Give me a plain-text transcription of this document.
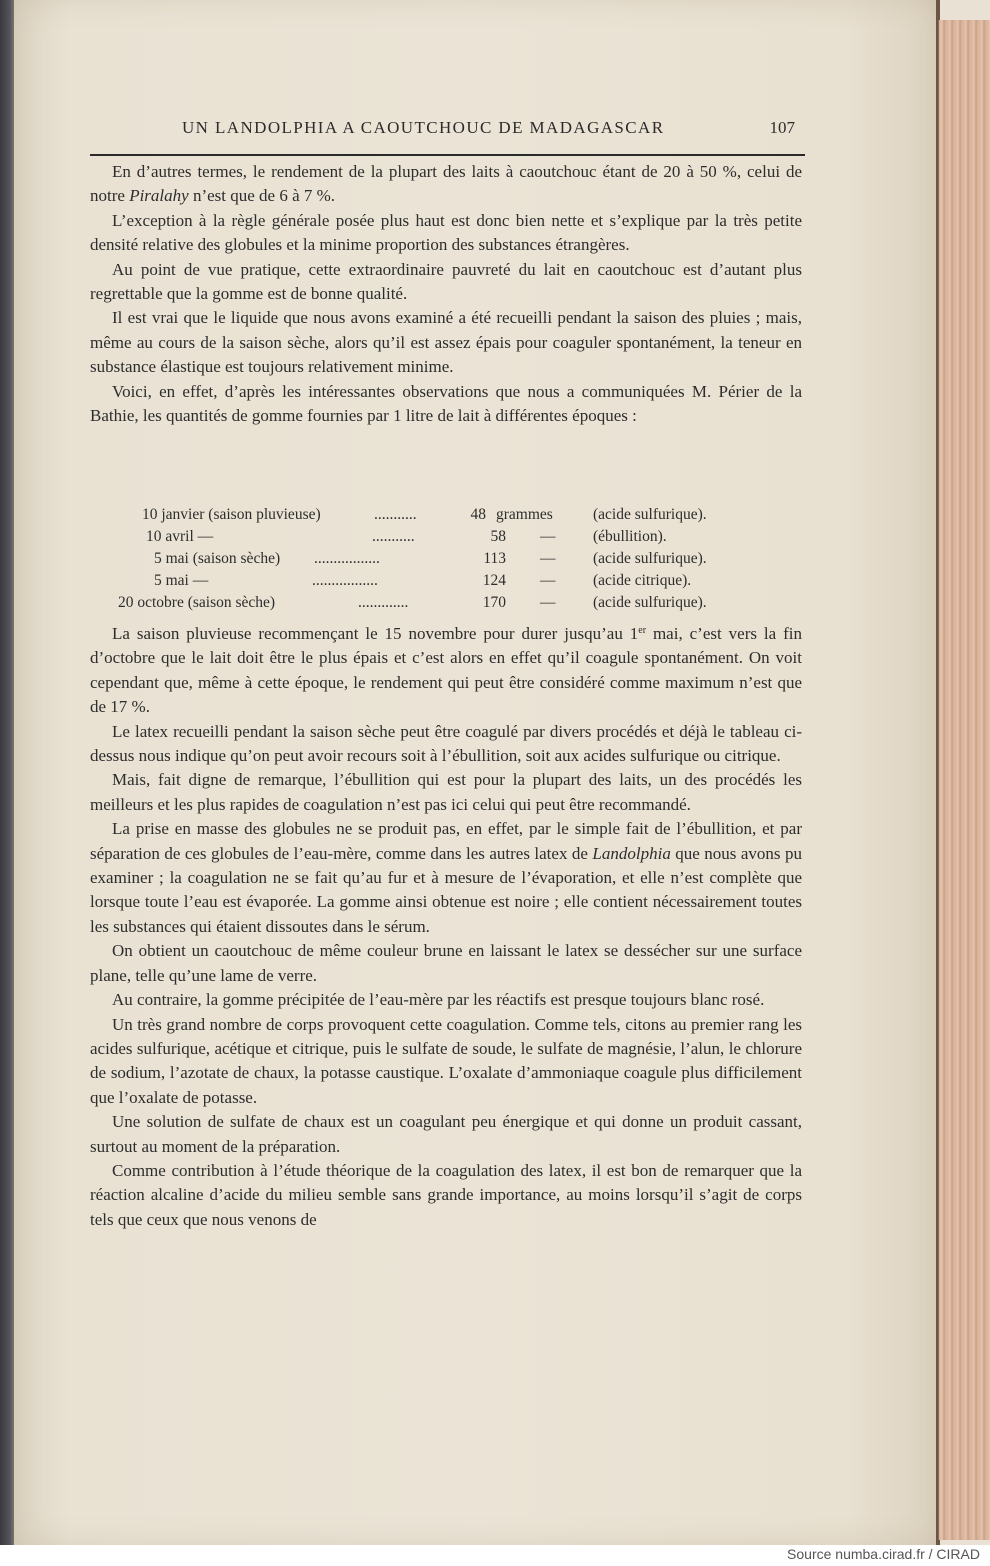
UN LANDOLPHIA A CAOUTCHOUC DE MADAGASCAR	107

En d’autres termes, le rendement de la plupart des laits à caoutchouc étant de 20 à 50 %, celui de notre Piralahy n’est que de 6 à 7 %.

L’exception à la règle générale posée plus haut est donc bien nette et s’explique par la très petite densité relative des globules et la minime proportion des substances étrangères.

Au point de vue pratique, cette extraordinaire pauvreté du lait en caoutchouc est d’autant plus regrettable que la gomme est de bonne qualité.

Il est vrai que le liquide que nous avons examiné a été recueilli pendant la saison des pluies ; mais, même au cours de la saison sèche, alors qu’il est assez épais pour coaguler spontanément, la teneur en substance élastique est toujours relativement minime.

Voici, en effet, d’après les intéressantes observations que nous a communiquées M. Périer de la Bathie, les quantités de gomme fournies par 1 litre de lait à différentes époques :

10 janvier (saison pluvieuse)	...........	48 grammes	(acide sulfurique).
10 avril —	...........	58 — (ébullition).
5 mai (saison sèche) .................	113 — (acide sulfurique).
5 mai —	.................	124 — (acide citrique).
20 octobre (saison sèche)	.............	170 — (acide sulfurique).

La saison pluvieuse recommençant le 15 novembre pour durer jusqu’au 1er mai, c’est vers la fin d’octobre que le lait doit être le plus épais et c’est alors en effet qu’il coagule spontanément. On voit cependant que, même à cette époque, le rendement qui peut être considéré comme maximum n’est que de 17 %.

Le latex recueilli pendant la saison sèche peut être coagulé par divers procédés et déjà le tableau ci-dessus nous indique qu’on peut avoir recours soit à l’ébullition, soit aux acides sulfurique ou citrique.

Mais, fait digne de remarque, l’ébullition qui est pour la plupart des laits, un des procédés les meilleurs et les plus rapides de coagulation n’est pas ici celui qui peut être recommandé.

La prise en masse des globules ne se produit pas, en effet, par le simple fait de l’ébullition, et par séparation de ces globules de l’eau-mère, comme dans les autres latex de Landolphia que nous avons pu examiner ; la coagulation ne se fait qu’au fur et à mesure de l’évaporation, et elle n’est complète que lorsque toute l’eau est évaporée. La gomme ainsi obtenue est noire ; elle contient nécessairement toutes les substances qui étaient dissoutes dans le sérum.

On obtient un caoutchouc de même couleur brune en laissant le latex se dessécher sur une surface plane, telle qu’une lame de verre.

Au contraire, la gomme précipitée de l’eau-mère par les réactifs est presque toujours blanc rosé.

Un très grand nombre de corps provoquent cette coagulation. Comme tels, citons au premier rang les acides sulfurique, acétique et citrique, puis le sulfate de soude, le sulfate de magnésie, l’alun, le chlorure de sodium, l’azotate de chaux, la potasse caustique. L’oxalate d’ammoniaque coagule plus difficilement que l’oxalate de potasse.

Une solution de sulfate de chaux est un coagulant peu énergique et qui donne un produit cassant, surtout au moment de la préparation.

Comme contribution à l’étude théorique de la coagulation des latex, il est bon de remarquer que la réaction alcaline d’acide du milieu semble sans grande importance, au moins lorsqu’il s’agit de corps tels que ceux que nous venons de

Source numba.cirad.fr / CIRAD
